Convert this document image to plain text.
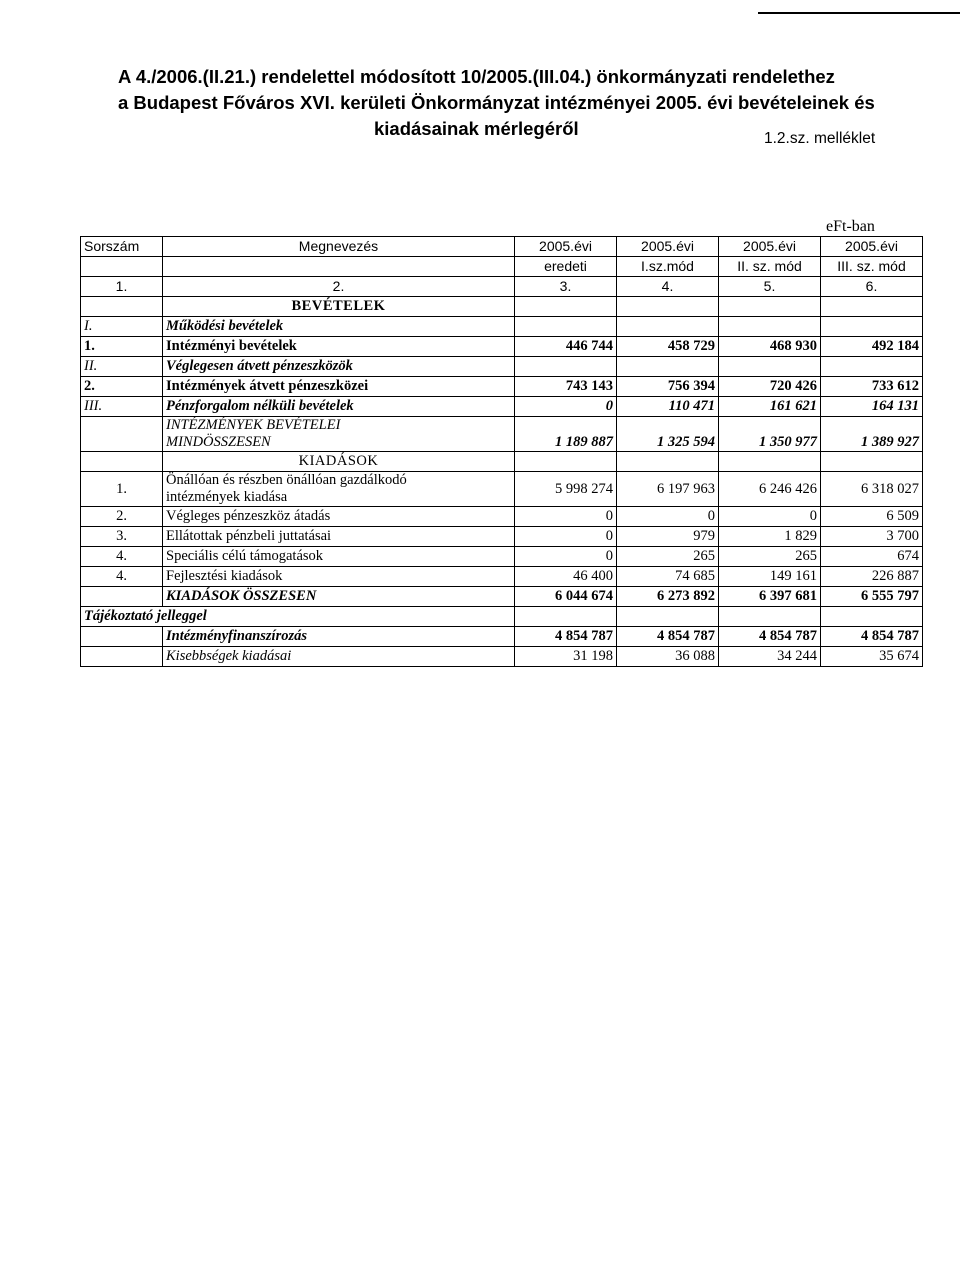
A 4./2006.(II.21.) rendelettel módosított 10/2005.(III.04.) önkormányzati rendelethez
a Budapest Főváros XVI. kerületi Önkormányzat intézményei 2005. évi bevételeinek és
kiadásainak mérlegéről	1.2.sz. melléklet
eFt-ban
Sorszám	Megnevezés	2005.évi	2005.évi	2005.évi	2005.évi
		eredeti	I.sz.mód	II. sz. mód	III. sz. mód
1.	2.	3.	4.	5.	6.
	BEVÉTELEK				
I.	Működési bevételek				
1.	Intézményi bevételek	446 744	458 729	468 930	492 184
II.	Véglegesen átvett pénzeszközök				
2.	Intézmények átvett pénzeszközei	743 143	756 394	720 426	733 612
III.	Pénzforgalom nélküli bevételek	0	110 471	161 621	164 131
	INTÉZMÉNYEK BEVÉTELEI
MINDÖSSZESEN	1 189 887	1 325 594	1 350 977	1 389 927
	KIADÁSOK				
1.	Önállóan és részben önállóan gazdálkodó
intézmények kiadása	5 998 274	6 197 963	6 246 426	6 318 027
2.	Végleges pénzeszköz átadás	0	0	0	6 509
3.	Ellátottak pénzbeli juttatásai	0	979	1 829	3 700
4.	Speciális célú támogatások	0	265	265	674
4.	Fejlesztési kiadások	46 400	74 685	149 161	226 887
	KIADÁSOK ÖSSZESEN	6 044 674	6 273 892	6 397 681	6 555 797
Tájékoztató jelleggel					
	Intézményfinanszírozás	4 854 787	4 854 787	4 854 787	4 854 787
	Kisebbségek kiadásai	31 198	36 088	34 244	35 674
